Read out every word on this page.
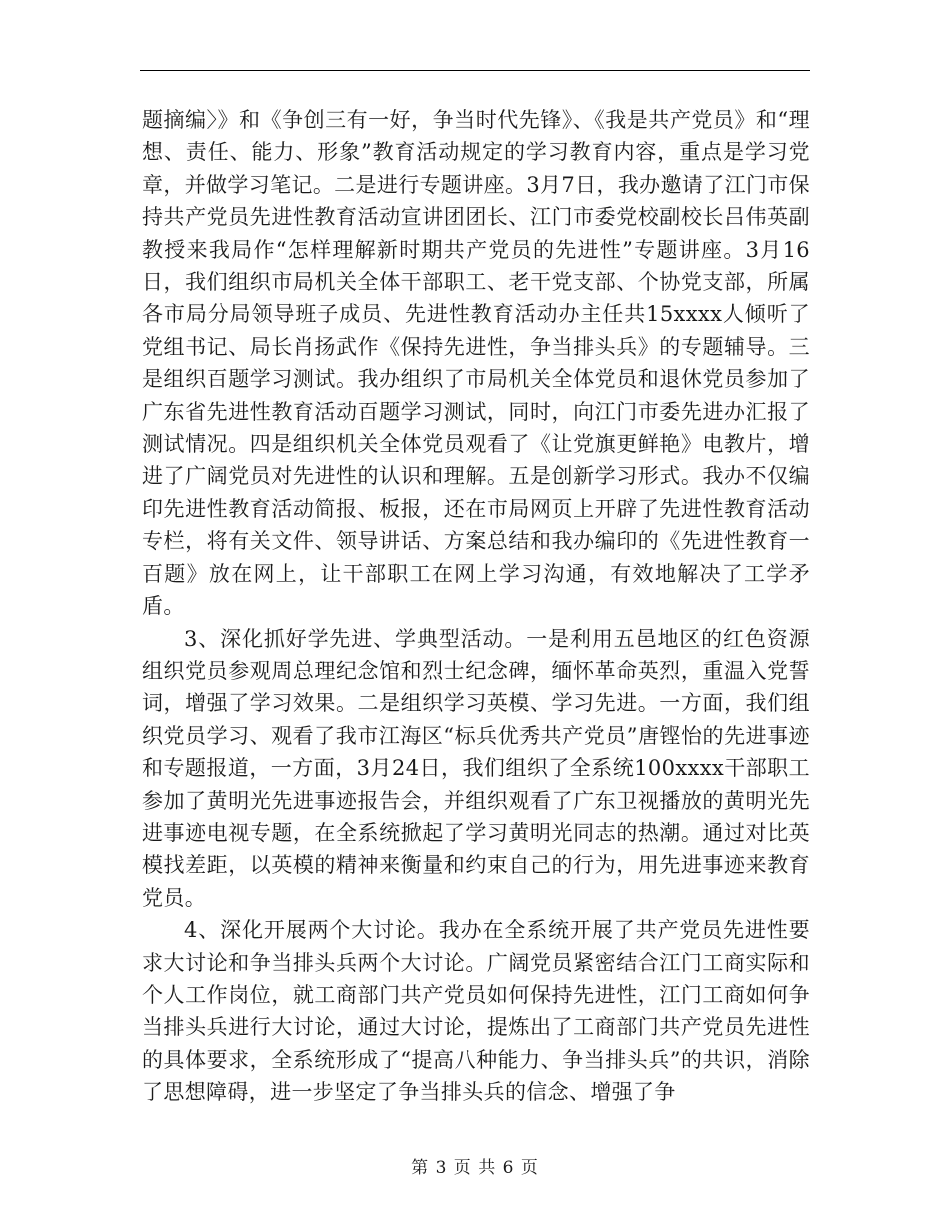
题摘编〉》和《争创三有一好，争当时代先锋》、《我是共产党员》和“理想、责任、能力、形象”教育活动规定的学习教育内容，重点是学习党章，并做学习笔记。二是进行专题讲座。3月7日，我办邀请了江门市保持共产党员先进性教育活动宣讲团团长、江门市委党校副校长吕伟英副教授来我局作“怎样理解新时期共产党员的先进性”专题讲座。3月16日，我们组织市局机关全体干部职工、老干党支部、个协党支部，所属各市局分局领导班子成员、先进性教育活动办主任共15xxxx人倾听了党组书记、局长肖扬武作《保持先进性，争当排头兵》的专题辅导。三是组织百题学习测试。我办组织了市局机关全体党员和退休党员参加了广东省先进性教育活动百题学习测试，同时，向江门市委先进办汇报了测试情况。四是组织机关全体党员观看了《让党旗更鲜艳》电教片，增进了广阔党员对先进性的认识和理解。五是创新学习形式。我办不仅编印先进性教育活动简报、板报，还在市局网页上开辟了先进性教育活动专栏，将有关文件、领导讲话、方案总结和我办编印的《先进性教育一百题》放在网上，让干部职工在网上学习沟通，有效地解决了工学矛盾。

3、深化抓好学先进、学典型活动。一是利用五邑地区的红色资源组织党员参观周总理纪念馆和烈士纪念碑，缅怀革命英烈，重温入党誓词，增强了学习效果。二是组织学习英模、学习先进。一方面，我们组织党员学习、观看了我市江海区“标兵优秀共产党员”唐铿怡的先进事迹和专题报道，一方面，3月24日，我们组织了全系统100xxxx干部职工参加了黄明光先进事迹报告会，并组织观看了广东卫视播放的黄明光先进事迹电视专题，在全系统掀起了学习黄明光同志的热潮。通过对比英模找差距，以英模的精神来衡量和约束自己的行为，用先进事迹来教育党员。

4、深化开展两个大讨论。我办在全系统开展了共产党员先进性要求大讨论和争当排头兵两个大讨论。广阔党员紧密结合江门工商实际和个人工作岗位，就工商部门共产党员如何保持先进性，江门工商如何争当排头兵进行大讨论，通过大讨论，提炼出了工商部门共产党员先进性的具体要求，全系统形成了“提高八种能力、争当排头兵”的共识，消除了思想障碍，进一步坚定了争当排头兵的信念、增强了争

第 3 页 共 6 页
